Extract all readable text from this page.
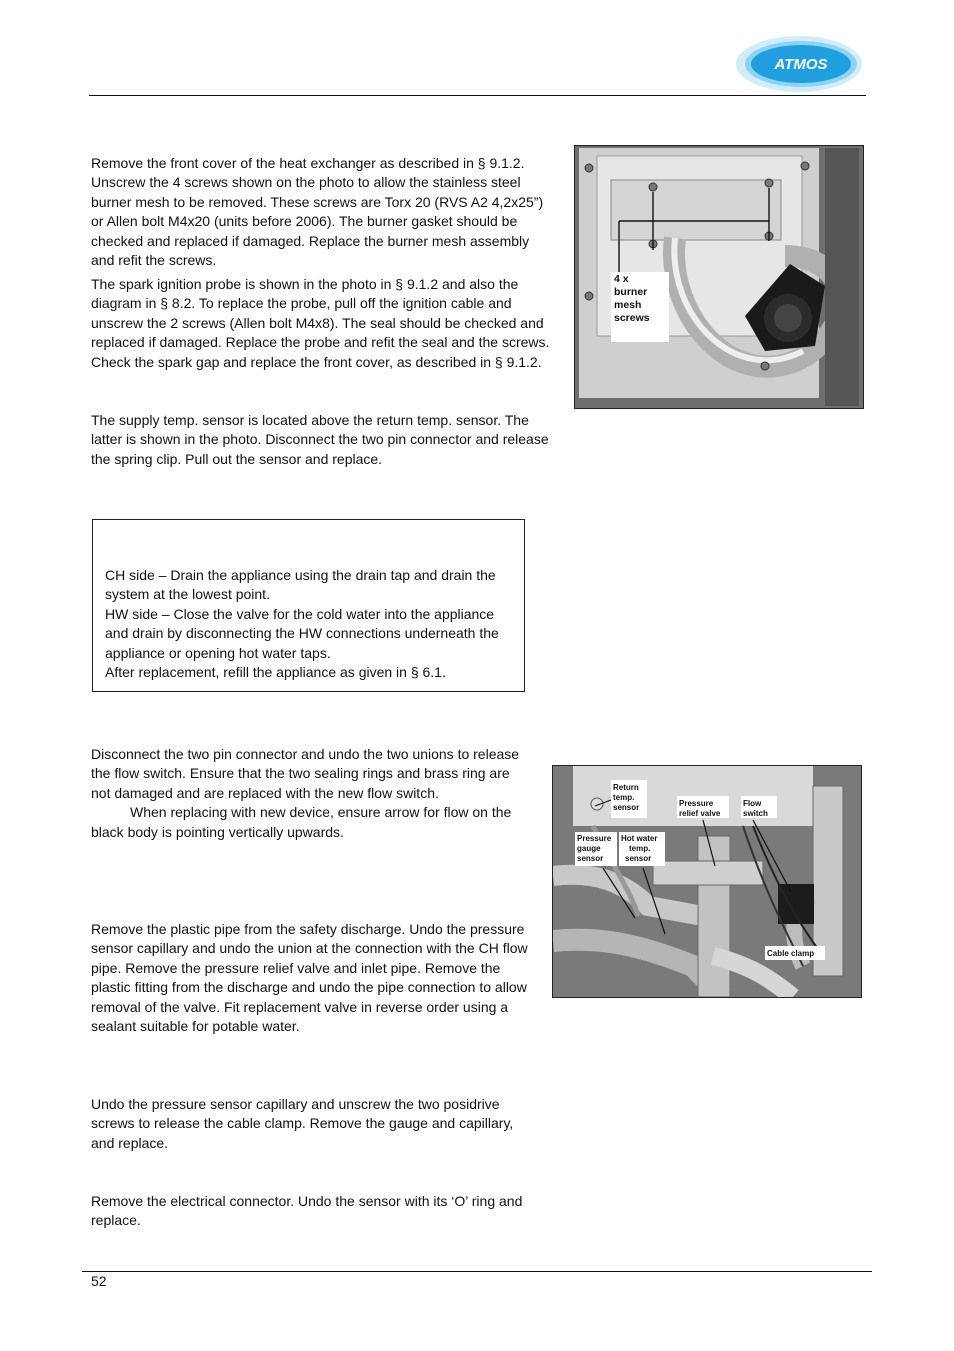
ATMOS

Remove the front cover of the heat exchanger as described in § 9.1.2. Unscrew the 4 screws shown on the photo to allow the stainless steel burner mesh to be removed. These screws are Torx 20 (RVS A2 4,2x25”) or Allen bolt M4x20 (units before 2006). The burner gasket should be checked and replaced if damaged. Replace the burner mesh assembly and refit the screws.

The spark ignition probe is shown in the photo in § 9.1.2 and also the diagram in § 8.2. To replace the probe, pull off the ignition cable and unscrew the 2 screws (Allen bolt M4x8). The seal should be checked and replaced if damaged. Replace the probe and refit the seal and the screws. Check the spark gap and replace the front cover, as described in § 9.1.2.

4 x
burner
mesh
screws

The supply temp. sensor is located above the return temp. sensor. The latter is shown in the photo. Disconnect the two pin connector and release the spring clip. Pull out the sensor and replace.

CH side – Drain the appliance using the drain tap and drain the system at the lowest point.
HW side – Close the valve for the cold water into the appliance and drain by disconnecting the HW connections underneath the appliance or opening hot water taps.
After replacement, refill the appliance as given in § 6.1.

Disconnect the two pin connector and undo the two unions to release the flow switch. Ensure that the two sealing rings and brass ring are not damaged and are replaced with the new flow switch.
When replacing with new device, ensure arrow for flow on the black body is pointing vertically upwards.

Return
temp.
sensor	Pressure
relief valve
Flow
switch
Pressure
gauge
sensor
Hot water
temp.
sensor
Cable clamp

Remove the plastic pipe from the safety discharge. Undo the pressure sensor capillary and undo the union at the connection with the CH flow pipe. Remove the pressure relief valve and inlet pipe. Remove the plastic fitting from the discharge and undo the pipe connection to allow removal of the valve. Fit replacement valve in reverse order using a sealant suitable for potable water.

Undo the pressure sensor capillary and unscrew the two posidrive screws to release the cable clamp. Remove the gauge and capillary, and replace.

Remove the electrical connector. Undo the sensor with its ‘O’ ring and replace.

52
